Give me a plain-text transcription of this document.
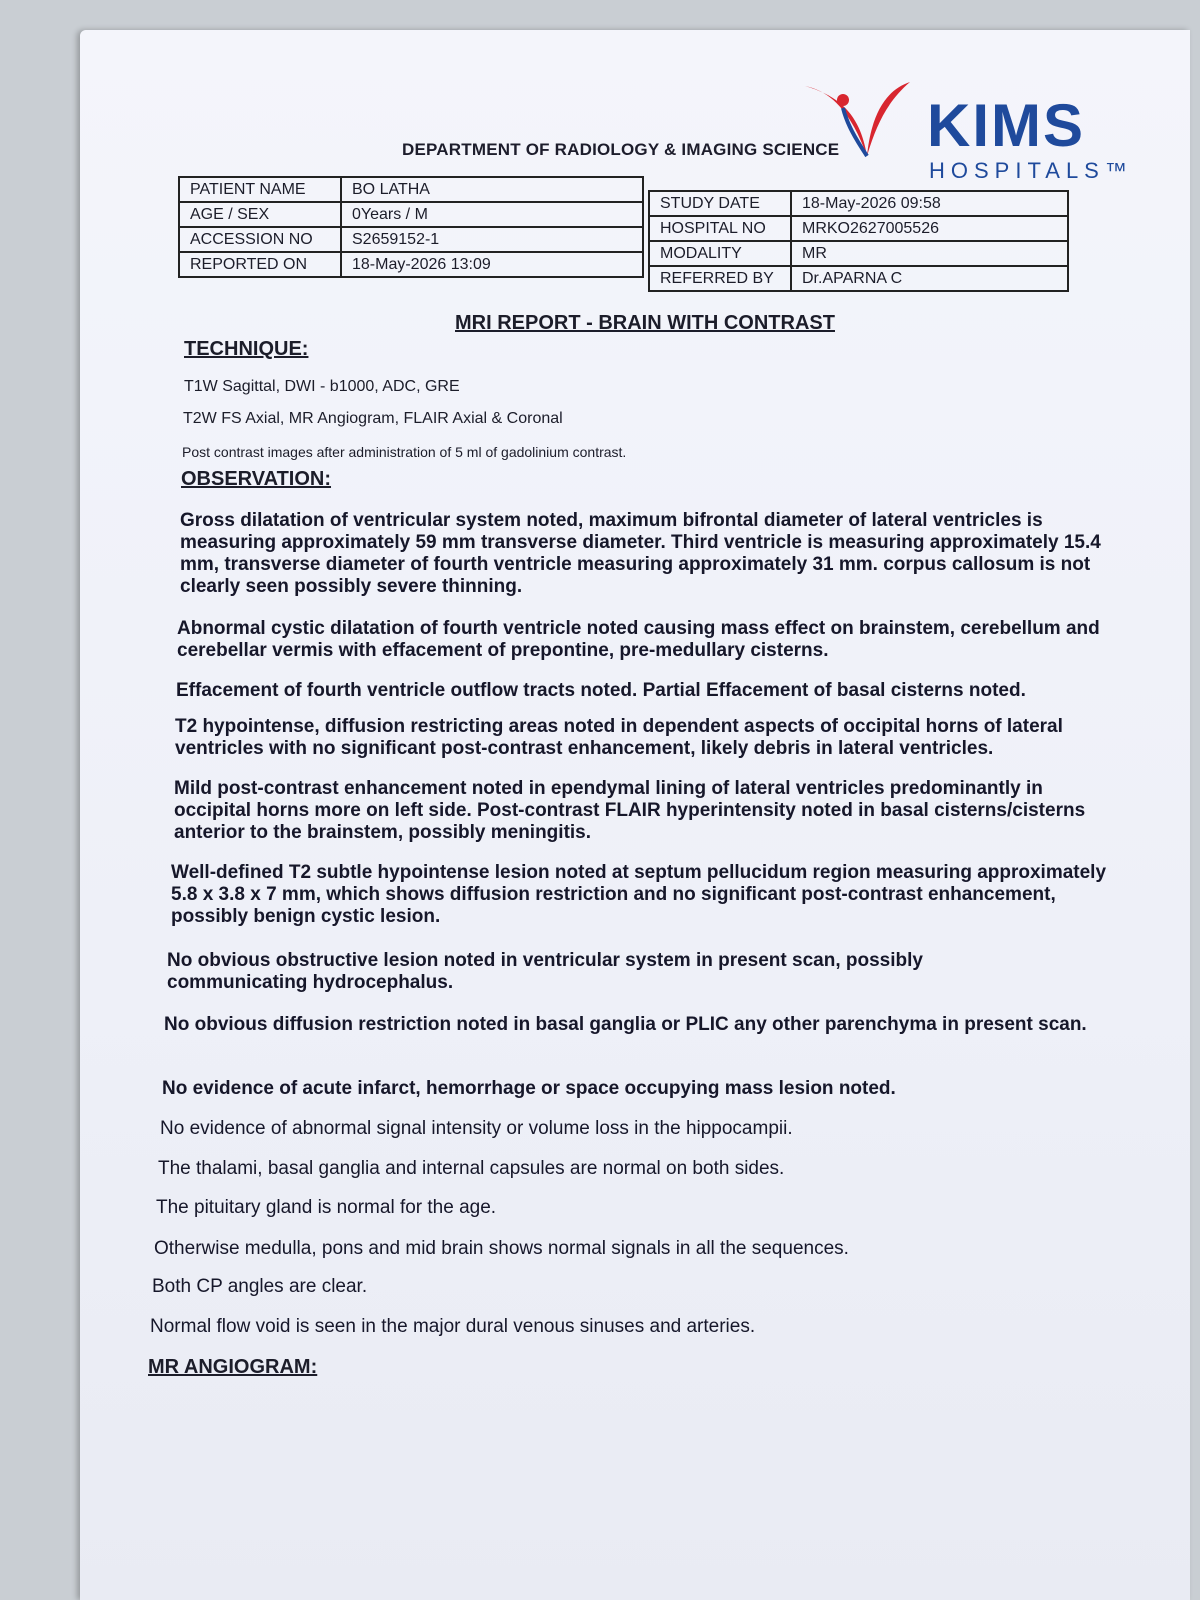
DEPARTMENT OF RADIOLOGY & IMAGING SCIENCE KIMS
HOSPITALS™
PATIENT NAME	BO LATHA
AGE / SEX	0Years / M
ACCESSION NO	S2659152-1
REPORTED ON	18-May-2026 13:09
STUDY DATE	18-May-2026 09:58
HOSPITAL NO	MRKO2627005526
MODALITY	MR
REFERRED BY	Dr.APARNA C
MRI REPORT - BRAIN WITH CONTRAST
TECHNIQUE:
T1W Sagittal, DWI - b1000, ADC, GRE
T2W FS Axial, MR Angiogram, FLAIR Axial & Coronal
Post contrast images after administration of 5 ml of gadolinium contrast.
OBSERVATION:

Gross dilatation of ventricular system noted, maximum bifrontal diameter of lateral ventricles is measuring approximately 59 mm transverse diameter. Third ventricle is measuring approximately 15.4 mm, transverse diameter of fourth ventricle measuring approximately 31 mm. corpus callosum is not clearly seen possibly severe thinning.

Abnormal cystic dilatation of fourth ventricle noted causing mass effect on brainstem, cerebellum and cerebellar vermis with effacement of prepontine, pre-medullary cisterns.

Effacement of fourth ventricle outflow tracts noted. Partial Effacement of basal cisterns noted.

T2 hypointense, diffusion restricting areas noted in dependent aspects of occipital horns of lateral ventricles with no significant post-contrast enhancement, likely debris in lateral ventricles.

Mild post-contrast enhancement noted in ependymal lining of lateral ventricles predominantly in occipital horns more on left side. Post-contrast FLAIR hyperintensity noted in basal cisterns/cisterns anterior to the brainstem, possibly meningitis.

Well-defined T2 subtle hypointense lesion noted at septum pellucidum region measuring approximately 5.8 x 3.8 x 7 mm, which shows diffusion restriction and no significant post-contrast enhancement, possibly benign cystic lesion.

No obvious obstructive lesion noted in ventricular system in present scan, possibly communicating hydrocephalus.

No obvious diffusion restriction noted in basal ganglia or PLIC any other parenchyma in present scan.

No evidence of acute infarct, hemorrhage or space occupying mass lesion noted.

No evidence of abnormal signal intensity or volume loss in the hippocampii.

The thalami, basal ganglia and internal capsules are normal on both sides.

The pituitary gland is normal for the age.

Otherwise medulla, pons and mid brain shows normal signals in all the sequences.

Both CP angles are clear.

Normal flow void is seen in the major dural venous sinuses and arteries.

MR ANGIOGRAM:
